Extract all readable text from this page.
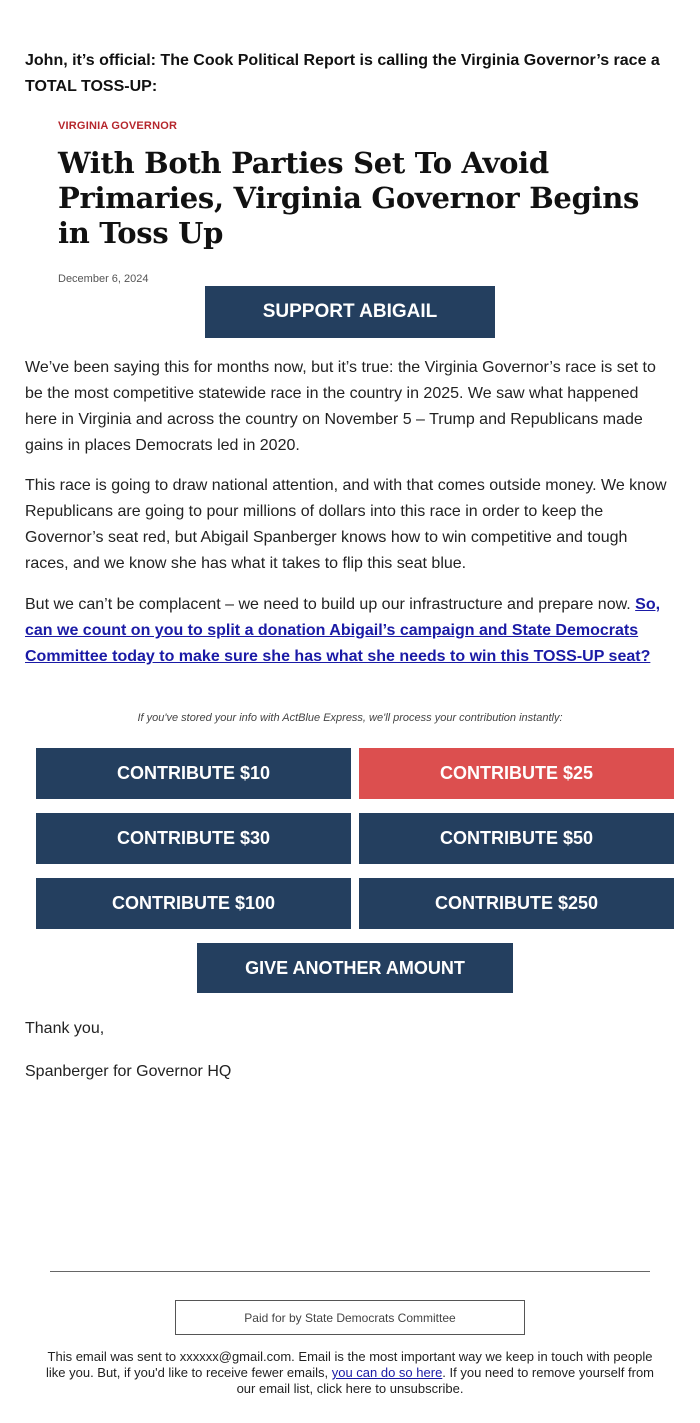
John, it’s official: The Cook Political Report is calling the Virginia Governor’s race a TOTAL TOSS-UP:
VIRGINIA GOVERNOR
With Both Parties Set To Avoid Primaries, Virginia Governor Begins in Toss Up
December 6, 2024
SUPPORT ABIGAIL
We’ve been saying this for months now, but it’s true: the Virginia Governor’s race is set to be the most competitive statewide race in the country in 2025. We saw what happened here in Virginia and across the country on November 5 – Trump and Republicans made gains in places Democrats led in 2020.
This race is going to draw national attention, and with that comes outside money. We know Republicans are going to pour millions of dollars into this race in order to keep the Governor’s seat red, but Abigail Spanberger knows how to win competitive and tough races, and we know she has what it takes to flip this seat blue.
But we can’t be complacent – we need to build up our infrastructure and prepare now. So, can we count on you to split a donation Abigail’s campaign and State Democrats Committee today to make sure she has what she needs to win this TOSS-UP seat?
If you've stored your info with ActBlue Express, we'll process your contribution instantly:
CONTRIBUTE $10	CONTRIBUTE $25
CONTRIBUTE $30	CONTRIBUTE $50
CONTRIBUTE $100	CONTRIBUTE $250
GIVE ANOTHER AMOUNT
Thank you,
Spanberger for Governor HQ
Paid for by State Democrats Committee
This email was sent to xxxxxx@gmail.com. Email is the most important way we keep in touch with people like you. But, if you'd like to receive fewer emails, you can do so here. If you need to remove yourself from our email list, click here to unsubscribe.
